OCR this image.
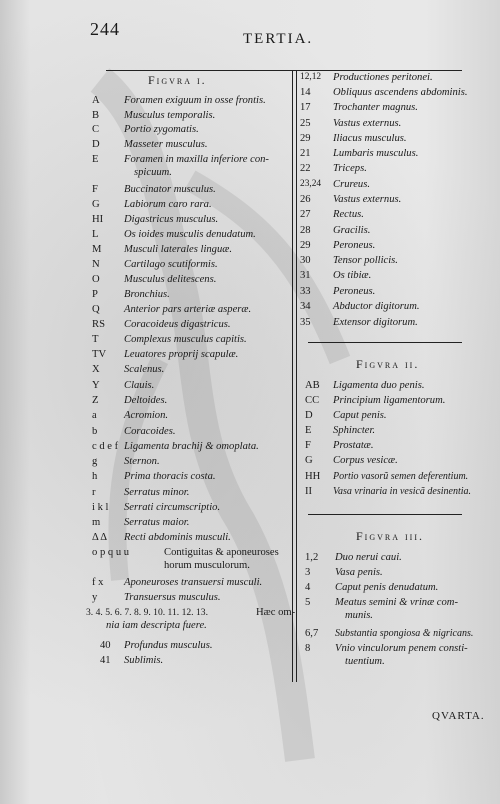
244	TERTIA.
Figvra i.
A Foramen exiguum in osse frontis.
B Musculus temporalis.
C Portio zygomatis.
D Masseter musculus.
E Foramen in maxilla inferiore con-
spicuum.
F Buccinator musculus.
G Labiorum caro rara.
HI Digastricus musculus.
L Os ioides musculis denudatum.
M Musculi laterales linguæ.
N Cartilago scutiformis.
O Musculus delitescens.
P Bronchius.
Q Anterior pars arteriæ asperæ.
RS Coracoideus digastricus.
T Complexus musculus capitis.
TV Leuatores proprij scapulæ.
X Scalenus.
Y Clauis.
Z Deltoides.
a	Acromion.
b	Coracoides.
c d e f Ligamenta brachij & omoplata.
g	Sternon.
h	Prima thoracis costa.
r	Serratus minor.
i k l Serrati circumscriptio.
m Serratus maior.
Δ Δ Recti abdominis musculi.
o p q u u	Contiguitas & aponeuroses
horum musculorum.
f x Aponeuroses transuersi musculi.
y	Transuersus musculus.
3. 4. 5. 6. 7. 8. 9. 10. 11. 12. 13.	Hæc om-
nia iam descripta fuere.
40 Profundus musculus.
41 Sublimis.
12,12 Productiones peritonei.
14 Obliquus ascendens abdominis.
17 Trochanter magnus.
25 Vastus externus.
29 Iliacus musculus.
21 Lumbaris musculus.
22 Triceps.
23,24 Crureus.
26 Vastus externus.
27 Rectus.
28 Gracilis.
29 Peroneus.
30 Tensor pollicis.
31 Os tibiæ.
33 Peroneus.
34 Abductor digitorum.
35 Extensor digitorum.
Figvra ii.
AB Ligamenta duo penis.
CC Principium ligamentorum.
D Caput penis.
E Sphincter.
F Prostatæ.
G Corpus vesicæ.
HH Portio vasorũ semen deferentium.
II Vasa vrinaria in vesicã desinentia.
Figvra iii.
1,2 Duo nerui caui.
3 Vasa penis.
4 Caput penis denudatum.
5 Meatus semini & vrinæ com-
munis.
6,7 Substantia spongiosa & nigricans.
8 Vnio vinculorum penem consti-
tuentium.
QVARTA.
